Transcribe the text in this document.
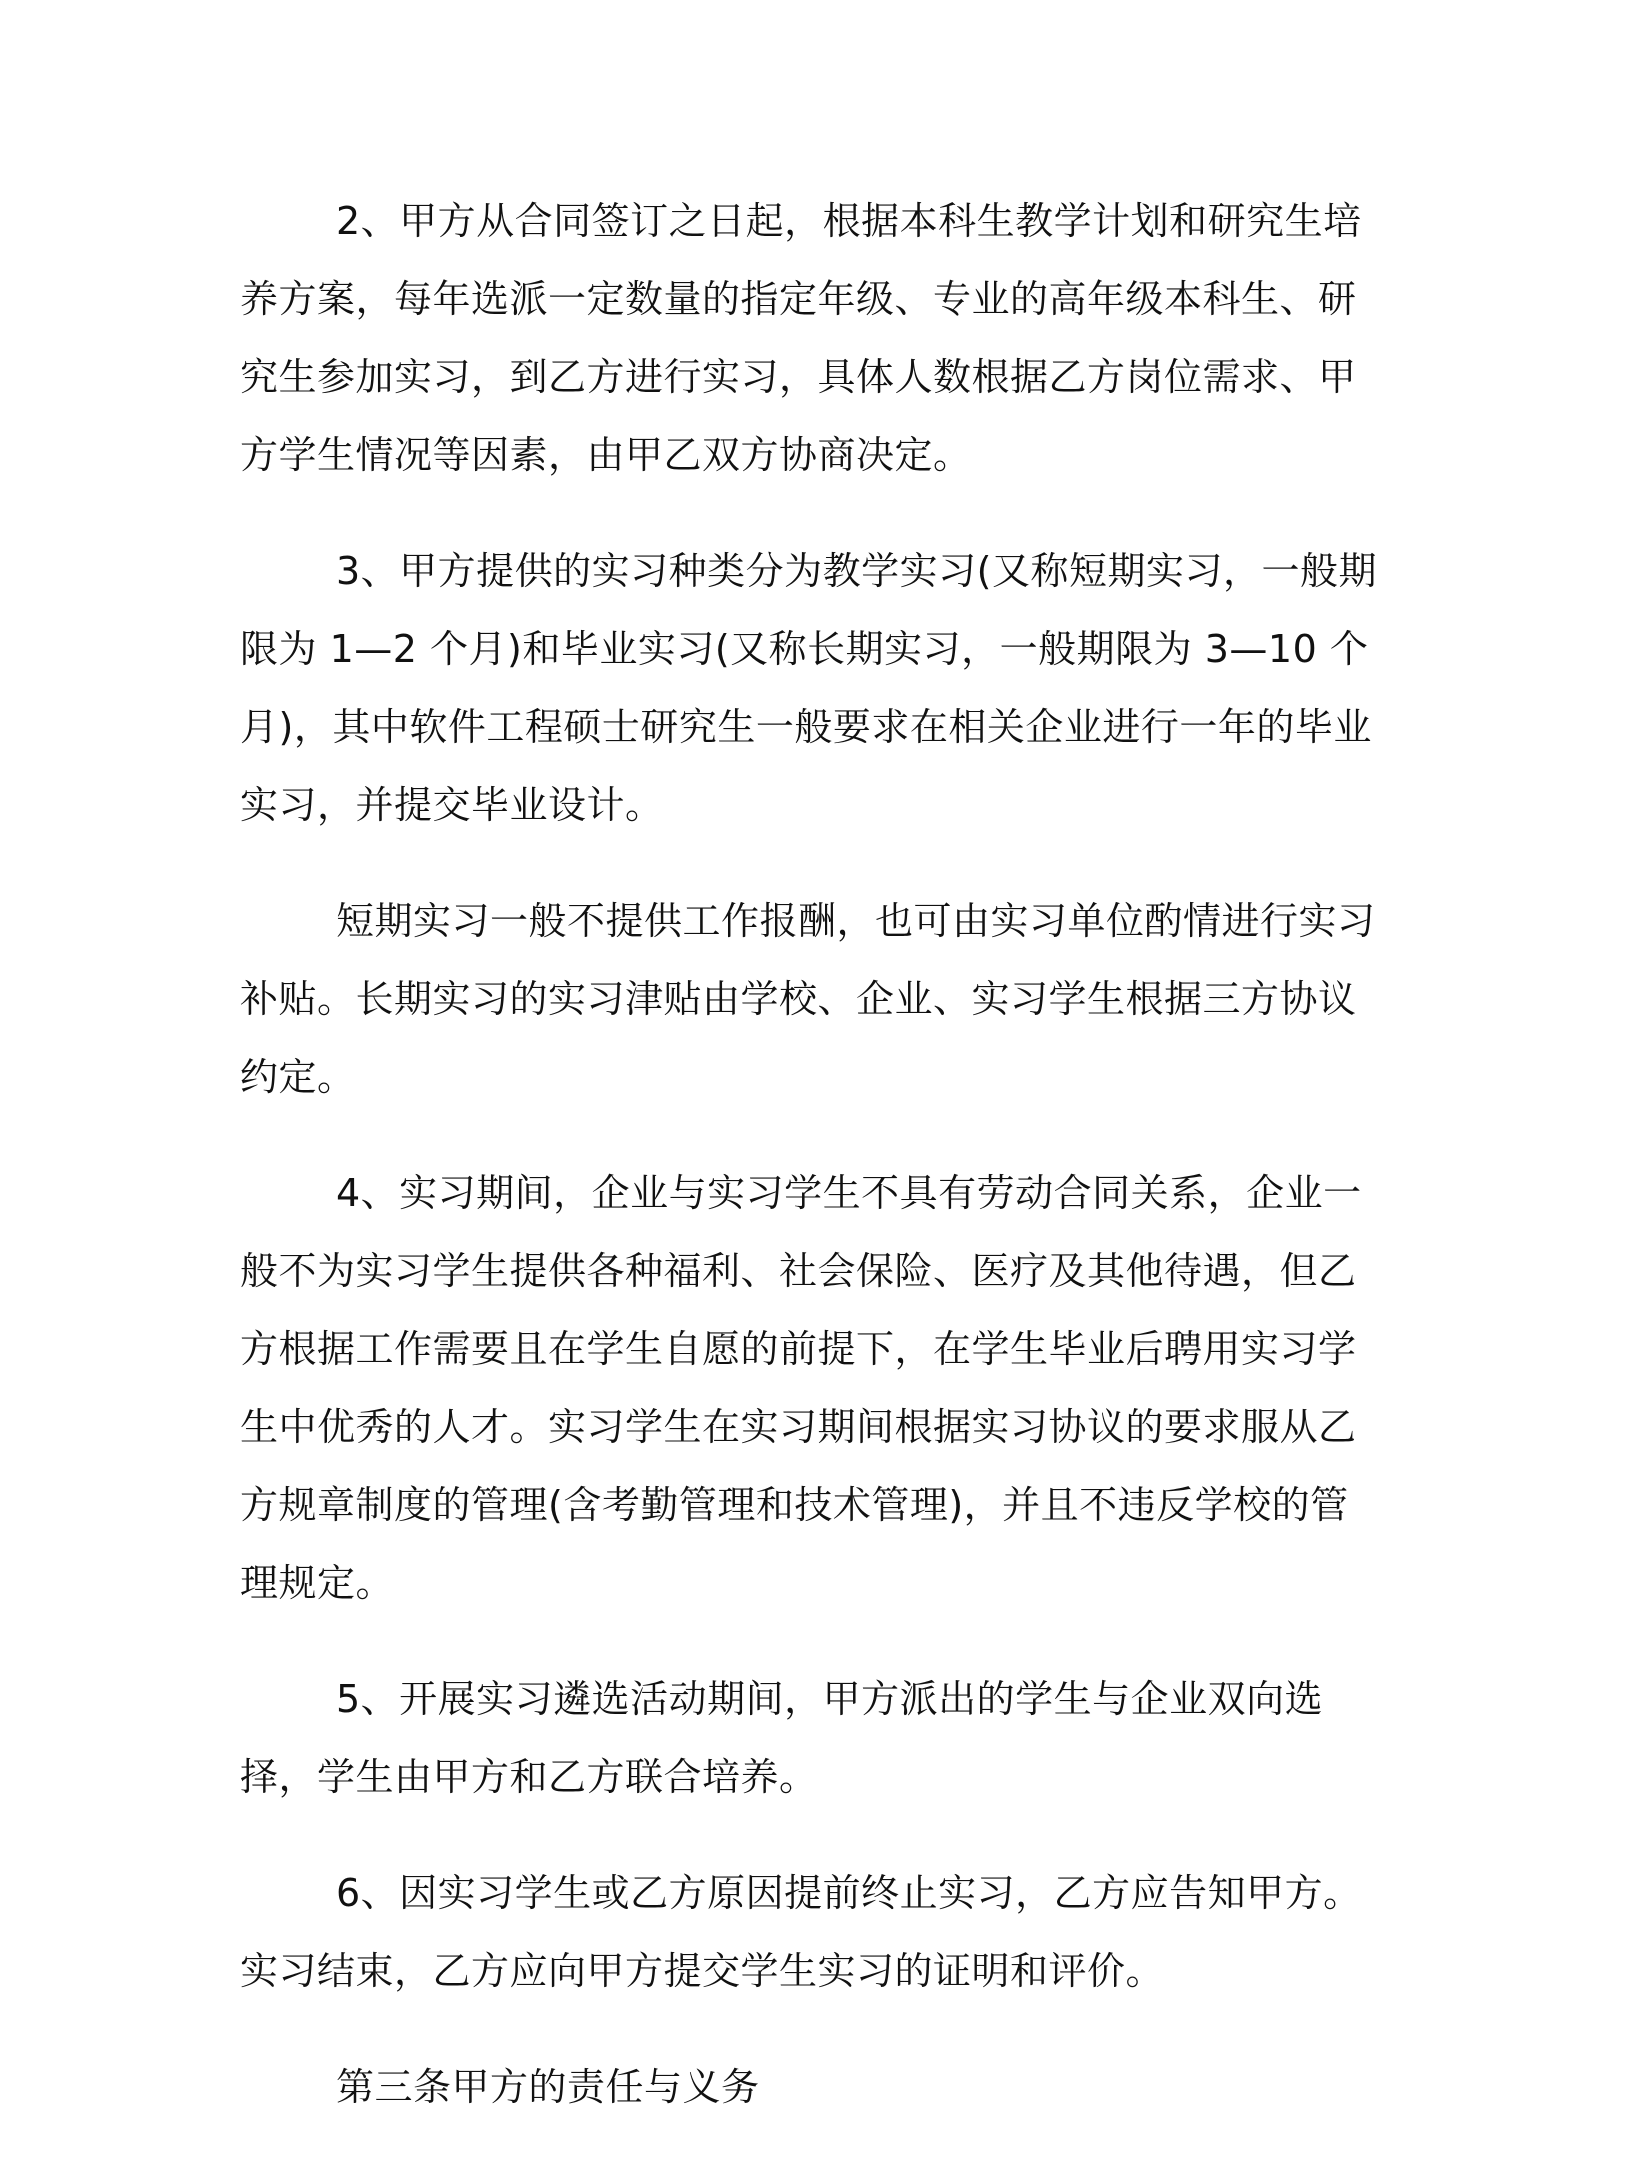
2、甲方从合同签订之日起，根据本科生教学计划和研究生培养方案，每年选派一定数量的指定年级、专业的高年级本科生、研究生参加实习，到乙方进行实习，具体人数根据乙方岗位需求、甲方学生情况等因素，由甲乙双方协商决定。

3、甲方提供的实习种类分为教学实习(又称短期实习，一般期限为 1—2 个月)和毕业实习(又称长期实习，一般期限为 3—10 个月)，其中软件工程硕士研究生一般要求在相关企业进行一年的毕业实习，并提交毕业设计。

短期实习一般不提供工作报酬，也可由实习单位酌情进行实习补贴。长期实习的实习津贴由学校、企业、实习学生根据三方协议约定。

4、实习期间，企业与实习学生不具有劳动合同关系，企业一般不为实习学生提供各种福利、社会保险、医疗及其他待遇，但乙方根据工作需要且在学生自愿的前提下，在学生毕业后聘用实习学生中优秀的人才。实习学生在实习期间根据实习协议的要求服从乙方规章制度的管理(含考勤管理和技术管理)，并且不违反学校的管理规定。

5、开展实习遴选活动期间，甲方派出的学生与企业双向选择，学生由甲方和乙方联合培养。

6、因实习学生或乙方原因提前终止实习，乙方应告知甲方。实习结束，乙方应向甲方提交学生实习的证明和评价。

第三条甲方的责任与义务
